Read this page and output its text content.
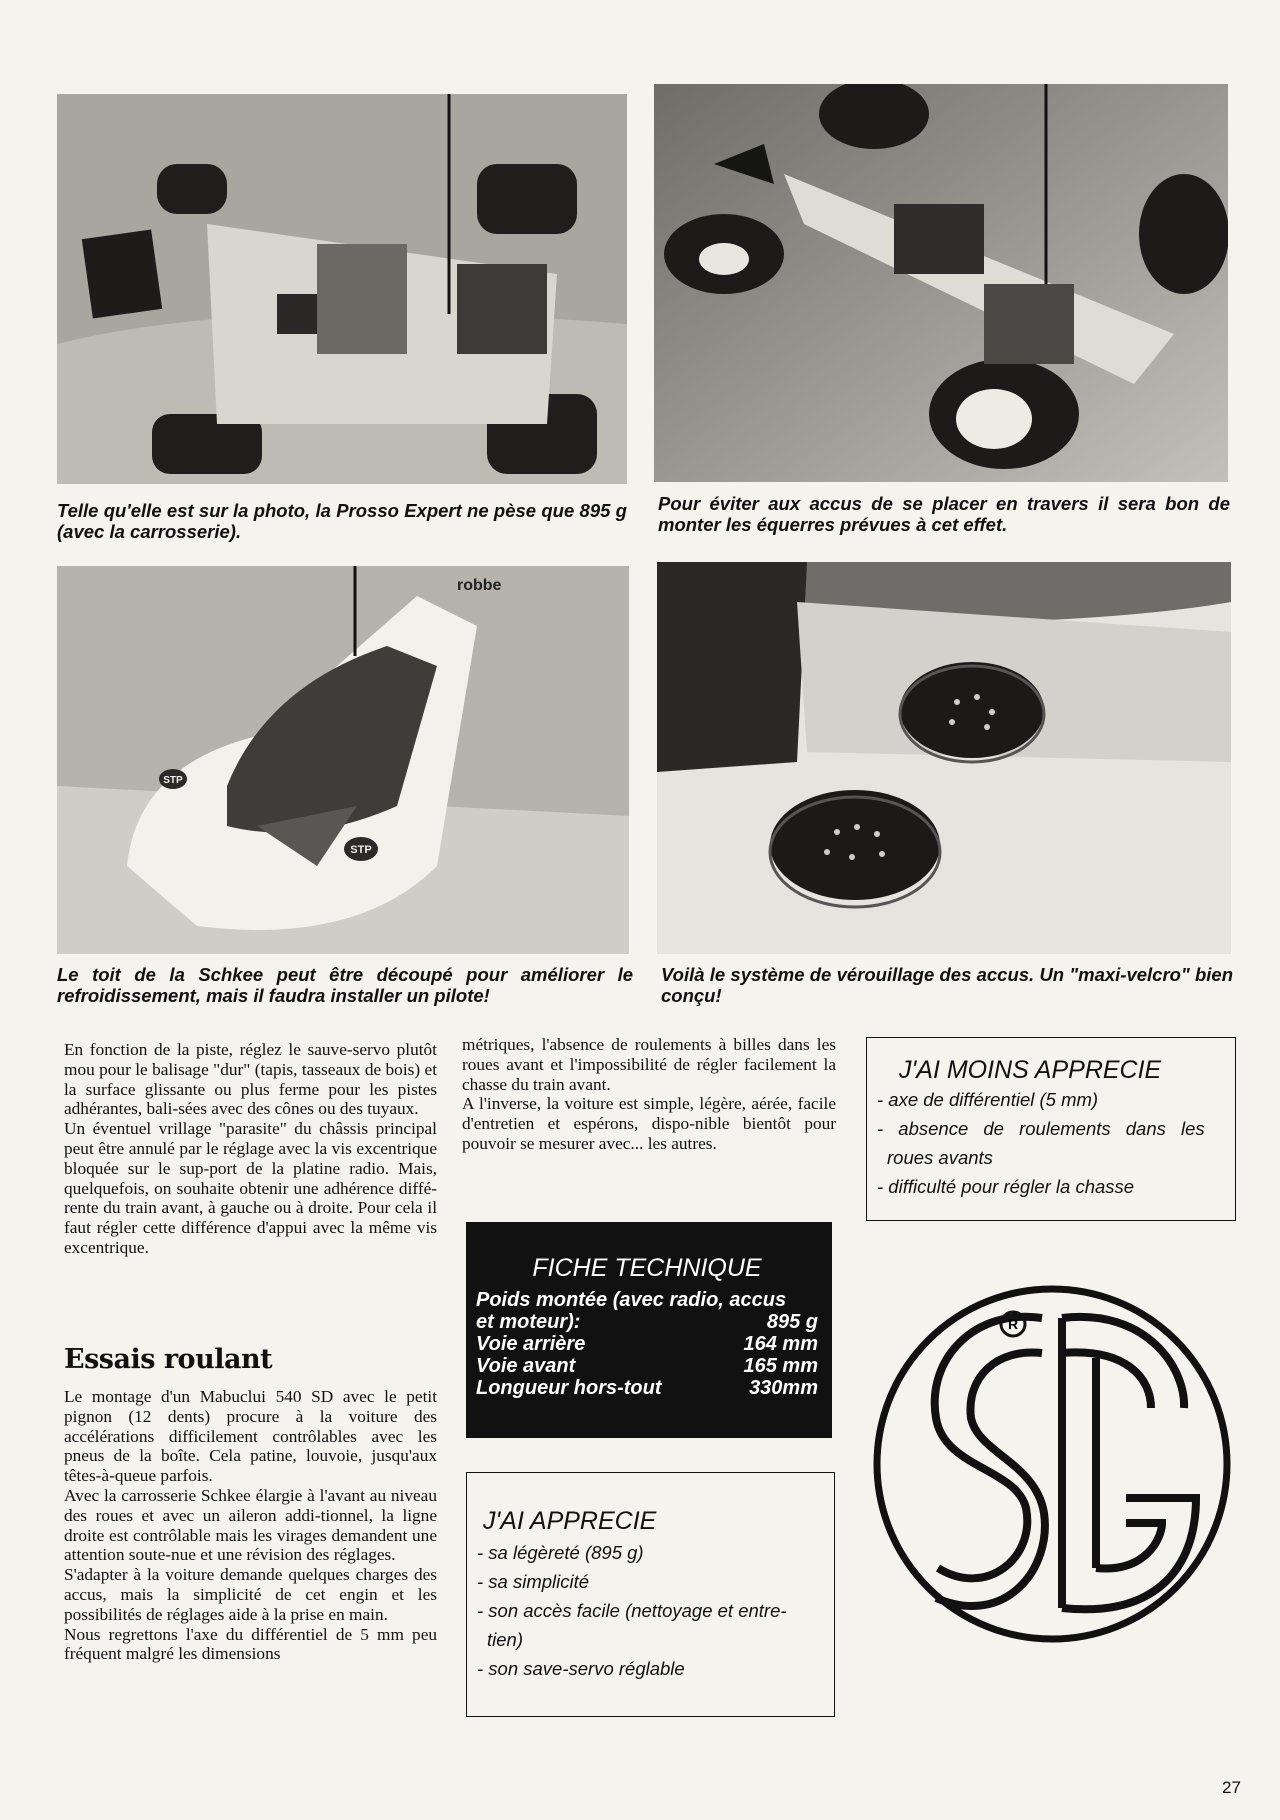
Telle qu'elle est sur la photo, la Prosso Expert ne pèse que 895 g (avec la carrosserie).

Pour éviter aux accus de se placer en travers il sera bon de monter les équerres prévues à cet effet.

STP
STP
robbe

Le toit de la Schkee peut être découpé pour améliorer le refroidissement, mais il faudra installer un pilote!

Voilà le système de vérouillage des accus. Un "maxi-velcro" bien conçu!

En fonction de la piste, réglez le sauve-servo plutôt mou pour le balisage "dur" (tapis, tasseaux de bois) et la surface glissante ou plus ferme pour les pistes adhérantes, bali-sées avec des cônes ou des tuyaux.

Un éventuel vrillage "parasite" du châssis principal peut être annulé par le réglage avec la vis excentrique bloquée sur le sup-port de la platine radio. Mais, quelquefois, on souhaite obtenir une adhérence diffé-rente du train avant, à gauche ou à droite. Pour cela il faut régler cette différence d'appui avec la même vis excentrique.

Essais roulant

Le montage d'un Mabuclui 540 SD avec le petit pignon (12 dents) procure à la voiture des accélérations difficilement contrôlables avec les pneus de la boîte. Cela patine, louvoie, jusqu'aux têtes-à-queue parfois.

Avec la carrosserie Schkee élargie à l'avant au niveau des roues et avec un aileron addi-tionnel, la ligne droite est contrôlable mais les virages demandent une attention soute-nue et une révision des réglages.

S'adapter à la voiture demande quelques charges des accus, mais la simplicité de cet engin et les possibilités de réglages aide à la prise en main.

Nous regrettons l'axe du différentiel de 5 mm peu fréquent malgré les dimensions

métriques, l'absence de roulements à billes dans les roues avant et l'impossibilité de régler facilement la chasse du train avant.

A l'inverse, la voiture est simple, légère, aérée, facile d'entretien et espérons, dispo-nible bientôt pour pouvoir se mesurer avec... les autres.

FICHE TECHNIQUE
Poids montée (avec radio, accus
et moteur):	895 g
Voie arrière	164 mm
Voie avant	165 mm
Longueur hors-tout	330mm
J'AI APPRECIE
- sa légèreté (895 g)
- sa simplicité
- son accès facile (nettoyage et entre-
tien)
- son save-servo réglable
J'AI MOINS APPRECIE
- axe de différentiel (5 mm)
- absence de roulements dans les
roues avants
- difficulté pour régler la chasse
R
27
